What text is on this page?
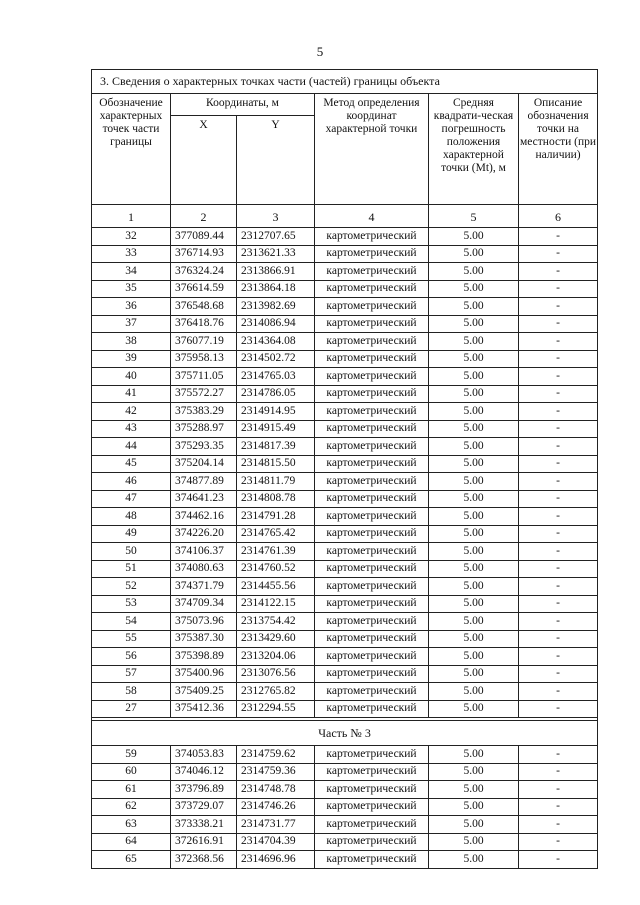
5
3. Сведения о характерных точках части (частей) границы объекта					
Обозначение характерных точек части границы	Координаты, м		Метод определения координат характерной точки	Средняя квадрати-ческая погрешность положения характерной точки (Mt), м	Описание обозначения точки на местности (при наличии)
	X	Y			
1	2	3	4	5	6
32	377089.44	2312707.65	картометрический	5.00	-
33	376714.93	2313621.33	картометрический	5.00	-
34	376324.24	2313866.91	картометрический	5.00	-
35	376614.59	2313864.18	картометрический	5.00	-
36	376548.68	2313982.69	картометрический	5.00	-
37	376418.76	2314086.94	картометрический	5.00	-
38	376077.19	2314364.08	картометрический	5.00	-
39	375958.13	2314502.72	картометрический	5.00	-
40	375711.05	2314765.03	картометрический	5.00	-
41	375572.27	2314786.05	картометрический	5.00	-
42	375383.29	2314914.95	картометрический	5.00	-
43	375288.97	2314915.49	картометрический	5.00	-
44	375293.35	2314817.39	картометрический	5.00	-
45	375204.14	2314815.50	картометрический	5.00	-
46	374877.89	2314811.79	картометрический	5.00	-
47	374641.23	2314808.78	картометрический	5.00	-
48	374462.16	2314791.28	картометрический	5.00	-
49	374226.20	2314765.42	картометрический	5.00	-
50	374106.37	2314761.39	картометрический	5.00	-
51	374080.63	2314760.52	картометрический	5.00	-
52	374371.79	2314455.56	картометрический	5.00	-
53	374709.34	2314122.15	картометрический	5.00	-
54	375073.96	2313754.42	картометрический	5.00	-
55	375387.30	2313429.60	картометрический	5.00	-
56	375398.89	2313204.06	картометрический	5.00	-
57	375400.96	2313076.56	картометрический	5.00	-
58	375409.25	2312765.82	картометрический	5.00	-
27	375412.36	2312294.55	картометрический	5.00	-

Часть № 3					
59	374053.83	2314759.62	картометрический	5.00	-
60	374046.12	2314759.36	картометрический	5.00	-
61	373796.89	2314748.78	картометрический	5.00	-
62	373729.07	2314746.26	картометрический	5.00	-
63	373338.21	2314731.77	картометрический	5.00	-
64	372616.91	2314704.39	картометрический	5.00	-
65	372368.56	2314696.96	картометрический	5.00	-
